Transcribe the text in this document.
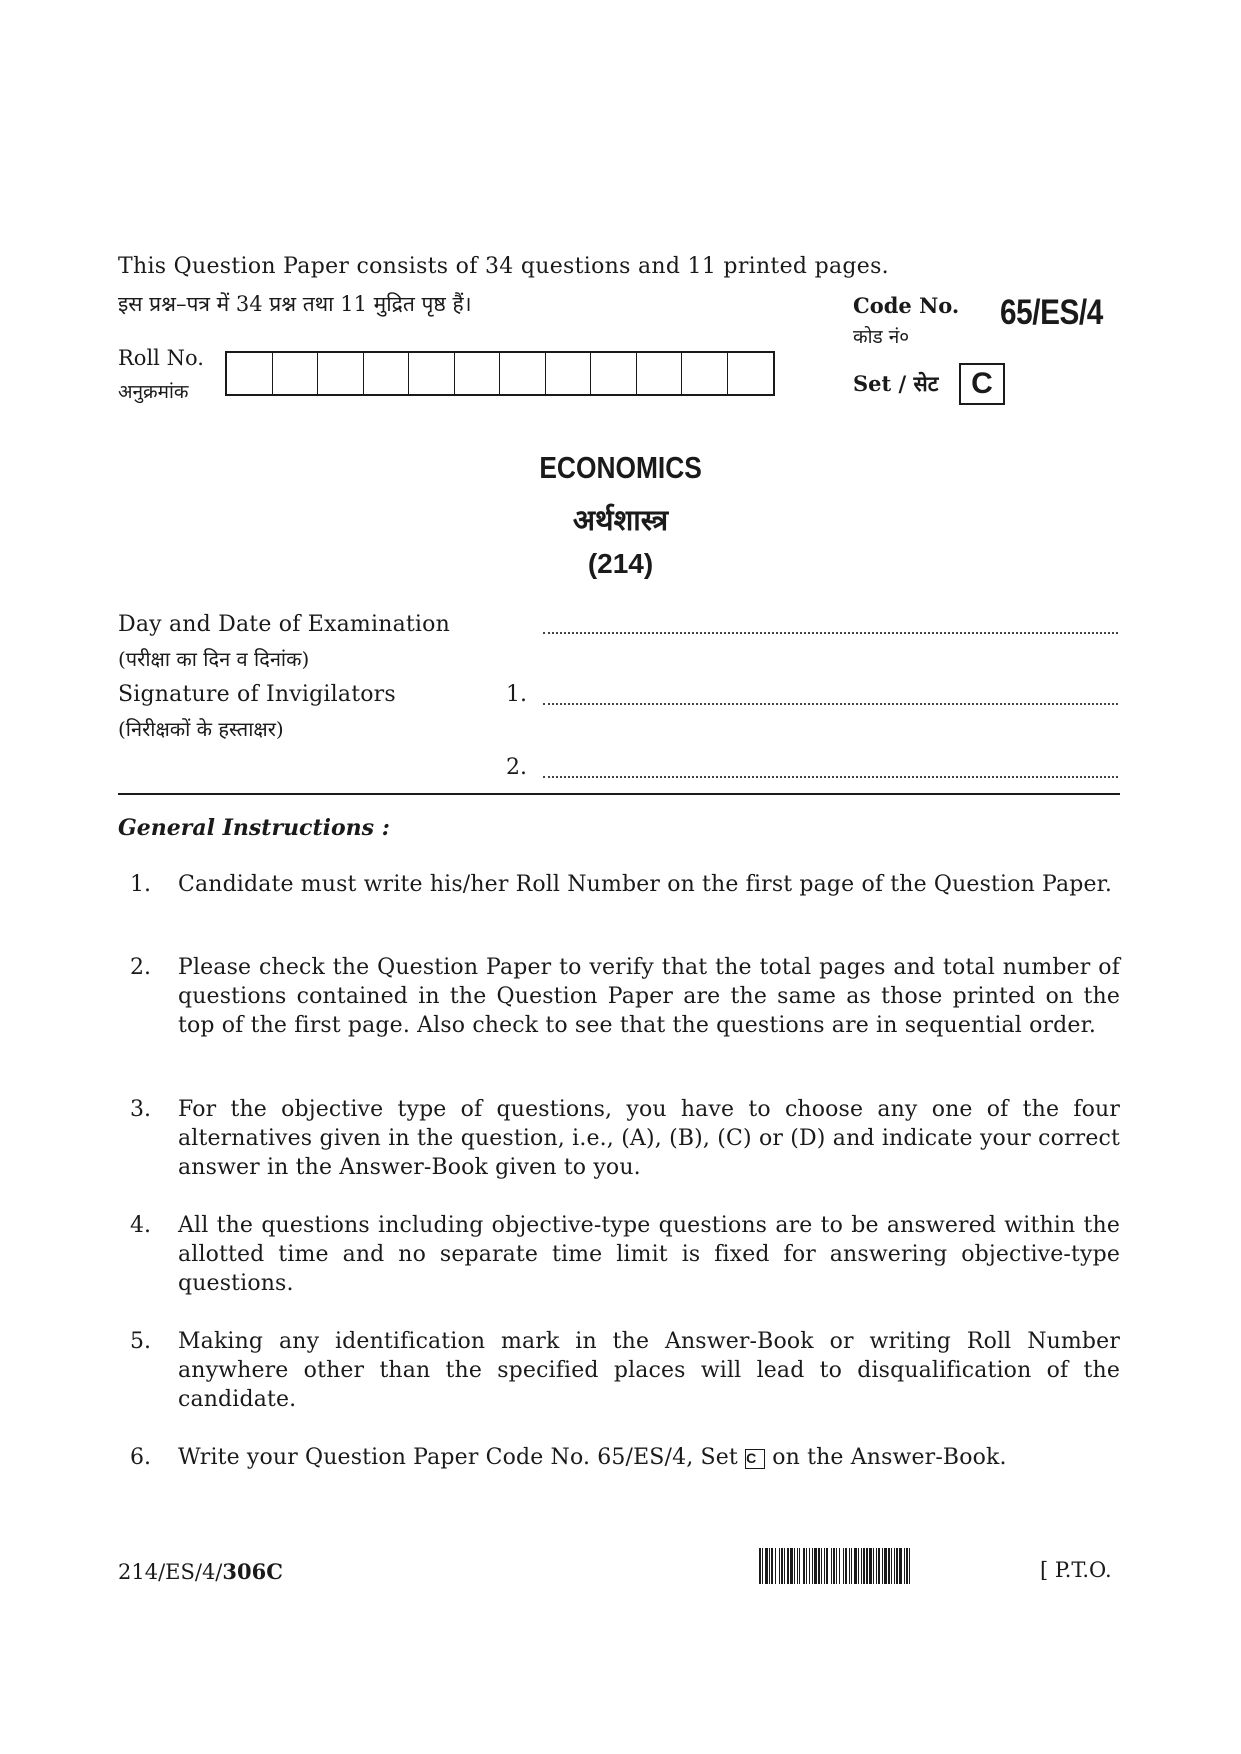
This Question Paper consists of 34 questions and 11 printed pages.
इस प्रश्न–पत्र में 34 प्रश्न तथा 11 मुद्रित पृष्ठ हैं।	Code No.
कोड नं०
65/ES/4
Set / सेट	C
Roll No.
अनुक्रमांक
ECONOMICS
अर्थशास्त्र
(214)
Day and Date of Examination
(परीक्षा का दिन व दिनांक)
Signature of Invigilators
(निरीक्षकों के हस्ताक्षर)
1.
2.
General Instructions :
1.	Candidate must write his/her Roll Number on the first page of the Question Paper.
2.	Please check the Question Paper to verify that the total pages and total number of questions contained in the Question Paper are the same as those printed on the top of the first page. Also check to see that the questions are in sequential order.
3.	For the objective type of questions, you have to choose any one of the four alternatives given in the question, i.e., (A), (B), (C) or (D) and indicate your correct answer in the Answer-Book given to you.
4.	All the questions including objective-type questions are to be answered within the allotted time and no separate time limit is fixed for answering objective-type questions.
5.	Making any identification mark in the Answer-Book or writing Roll Number anywhere other than the specified places will lead to disqualification of the candidate.
6.	Write your Question Paper Code No. 65/ES/4, Set C on the Answer-Book.
214/ES/4/306C	[ P.T.O.
